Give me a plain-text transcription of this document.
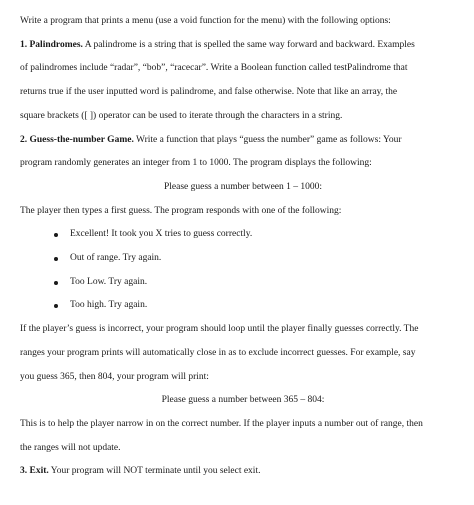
Write a program that prints a menu (use a void function for the menu) with the following options:

1. Palindromes. A palindrome is a string that is spelled the same way forward and backward. Examples

of palindromes include “radar”, “bob”, “racecar”. Write a Boolean function called testPalindrome that

returns true if the user inputted word is palindrome, and false otherwise. Note that like an array, the

square brackets ([ ]) operator can be used to iterate through the characters in a string.

2. Guess-the-number Game. Write a function that plays “guess the number” game as follows: Your

program randomly generates an integer from 1 to 1000. The program displays the following:

Please guess a number between 1 – 1000:

The player then types a first guess. The program responds with one of the following:

Excellent! It took you X tries to guess correctly.
Out of range. Try again.
Too Low. Try again.
Too high. Try again.

If the player’s guess is incorrect, your program should loop until the player finally guesses correctly. The

ranges your program prints will automatically close in as to exclude incorrect guesses. For example, say

you guess 365, then 804, your program will print:

Please guess a number between 365 – 804:

This is to help the player narrow in on the correct number. If the player inputs a number out of range, then

the ranges will not update.

3. Exit. Your program will NOT terminate until you select exit.
